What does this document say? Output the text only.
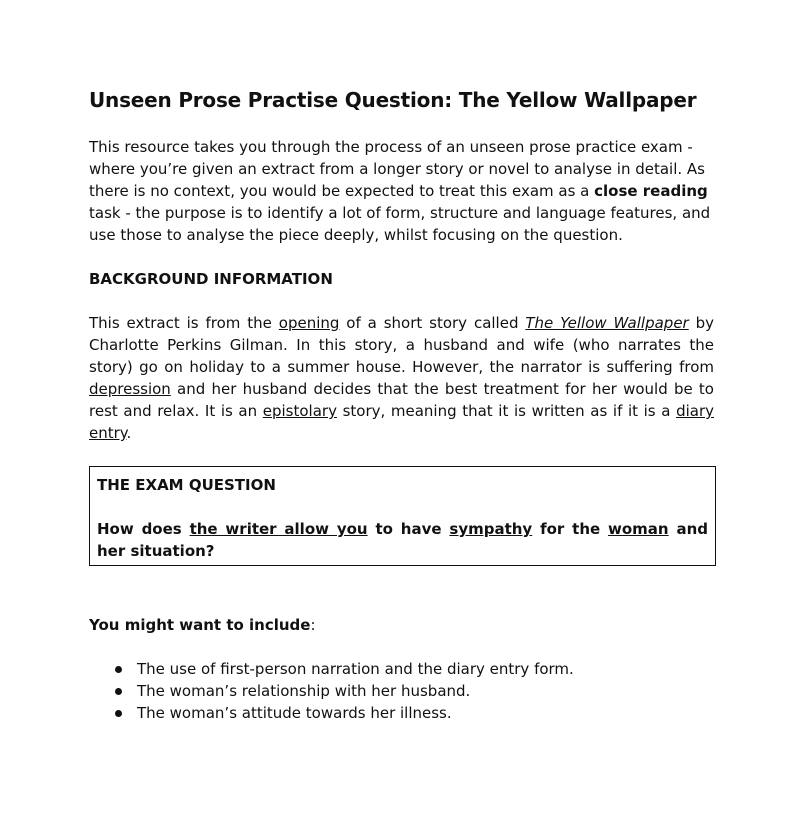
Unseen Prose Practise Question: The Yellow Wallpaper

This resource takes you through the process of an unseen prose practice exam - where you’re given an extract from a longer story or novel to analyse in detail. As there is no context, you would be expected to treat this exam as a close reading task - the purpose is to identify a lot of form, structure and language features, and use those to analyse the piece deeply, whilst focusing on the question.

BACKGROUND INFORMATION

This extract is from the opening of a short story called The Yellow Wallpaper by Charlotte Perkins Gilman. In this story, a husband and wife (who narrates the story) go on holiday to a summer house. However, the narrator is suffering from depression and her husband decides that the best treatment for her would be to rest and relax. It is an epistolary story, meaning that it is written as if it is a diary entry.

THE EXAM QUESTION
How does the writer allow you to have sympathy for the woman and her situation?
You might want to include:
The use of first-person narration and the diary entry form.
The woman’s relationship with her husband.
The woman’s attitude towards her illness.
